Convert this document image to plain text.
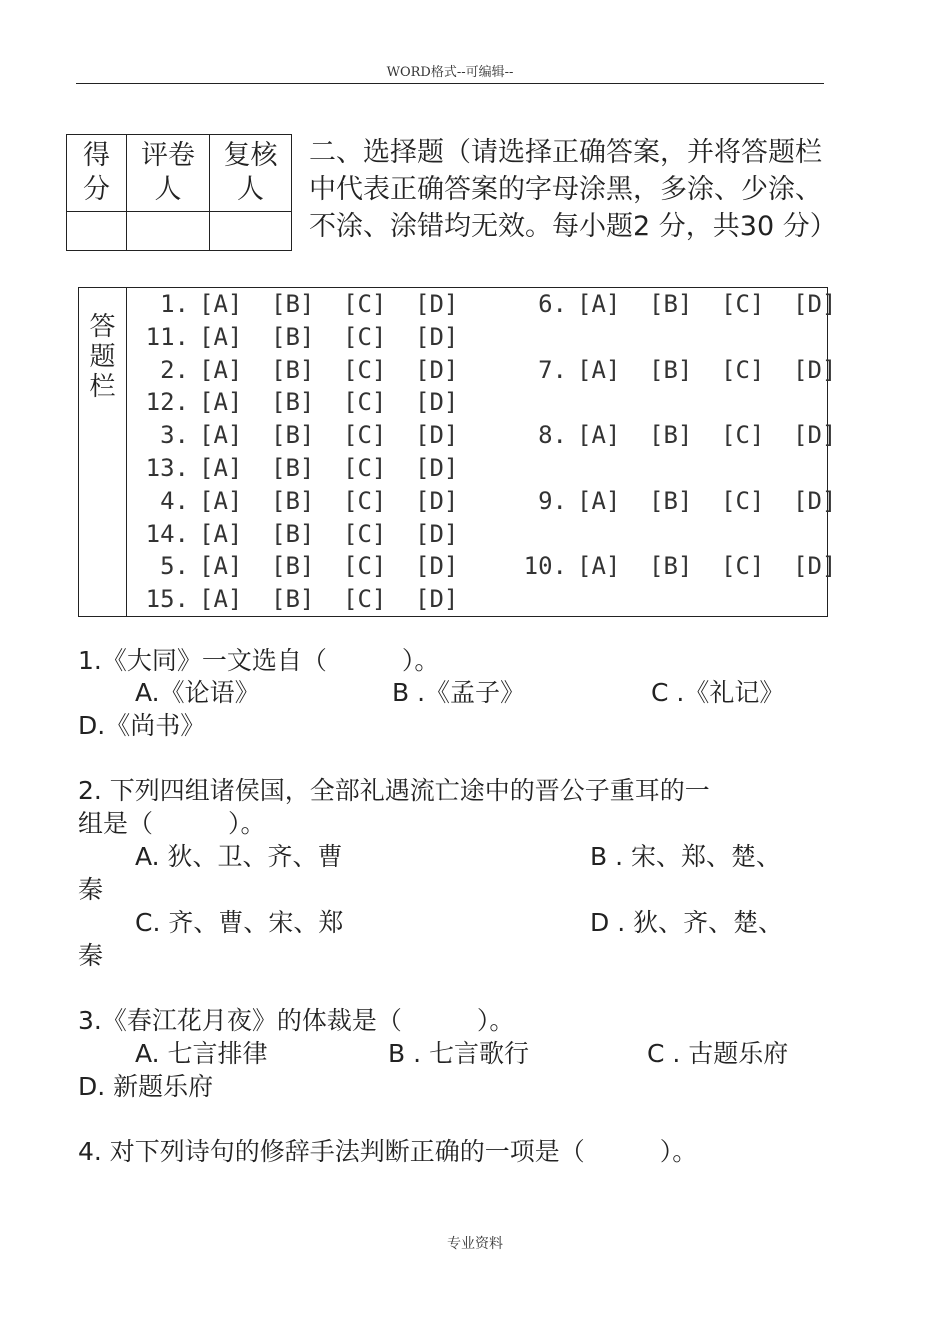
WORD格式--可编辑--
得分	评卷人	复核人

二、选择题（请选择正确答案，并将答题栏中代表正确答案的字母涂黑，多涂、少涂、不涂、涂错均无效。每小题2 分，共30 分）
答
题
栏
1. [A] [B] [C] [D]	6. [A] [B] [C] [D]
11. [A] [B] [C] [D]
2. [A] [B] [C] [D]	7. [A] [B] [C] [D]
12. [A] [B] [C] [D]
3. [A] [B] [C] [D]	8. [A] [B] [C] [D]
13. [A] [B] [C] [D]
4. [A] [B] [C] [D]	9. [A] [B] [C] [D]
14. [A] [B] [C] [D]
5. [A] [B] [C] [D]	10. [A] [B] [C] [D]
15. [A] [B] [C] [D]
1.《大同》一文选自（　　　）。
A.《论语》	B .《孟子》	C .《礼记》
D.《尚书》
2. 下列四组诸侯国，全部礼遇流亡途中的晋公子重耳的一
组是（　　　）。
A. 狄、卫、齐、曹	B . 宋、郑、楚、
秦
C. 齐、曹、宋、郑	D . 狄、齐、楚、
秦
3.《春江花月夜》的体裁是（　　　）。
A. 七言排律	B . 七言歌行	C . 古题乐府
D. 新题乐府
4. 对下列诗句的修辞手法判断正确的一项是（　　　）。
专业资料
